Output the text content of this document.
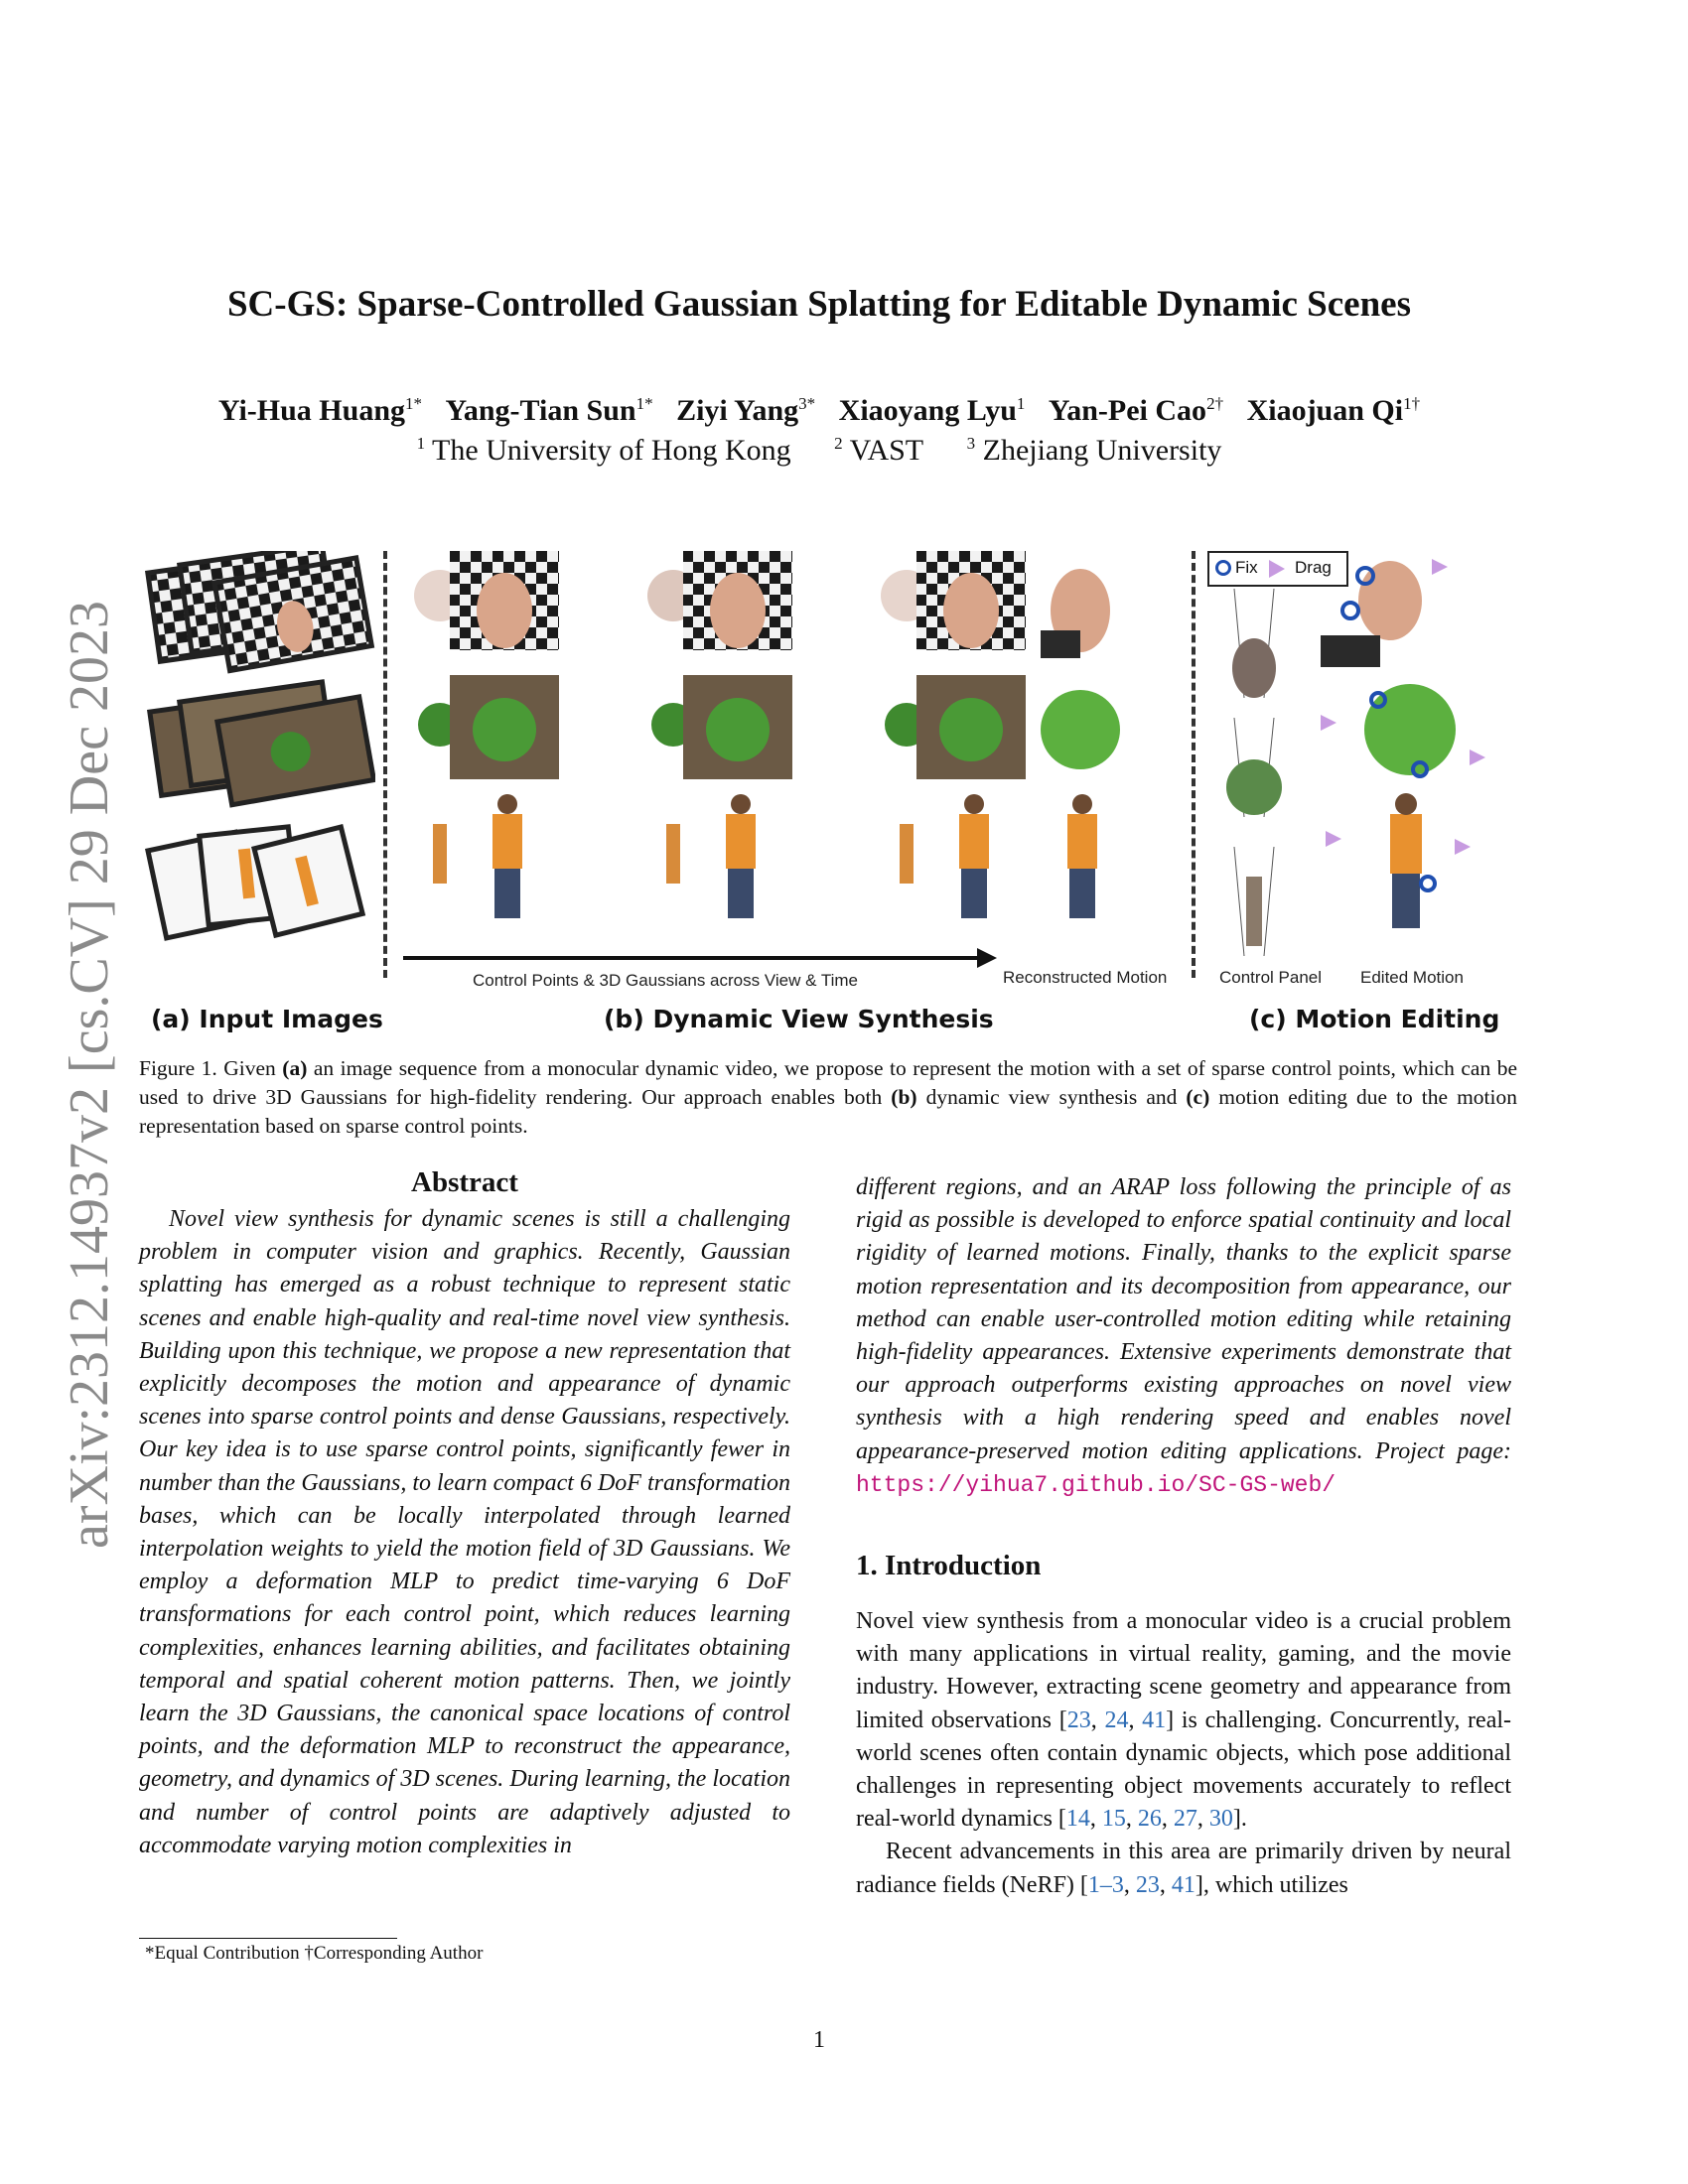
arXiv:2312.14937v2 [cs.CV] 29 Dec 2023
SC-GS: Sparse-Controlled Gaussian Splatting for Editable Dynamic Scenes
Yi-Hua Huang$^{1*}$ Yang-Tian Sun$^{1*}$ Ziyi Yang$^{3*}$ Xiaoyang Lyu$^1$ Yan-Pei Cao$^{2\dagger}$ Xiaojuan $Qi^{1\dagger}$
$^1$ The University of Hong Kong	$^2$ VAST	$^3$ Zhejiang University
Control Points & 3D Gaussians across View & Time	Reconstructed Motion
Fix Drag
Control Panel Edited Motion
(a) Input Images	(b) Dynamic View Synthesis	(c) Motion Editing
Figure 1. Given (a) an image sequence from a monocular dynamic video, we propose to represent the motion with a set of sparse control points, which can be used to drive 3D Gaussians for high-fidelity rendering. Our approach enables both (b) dynamic view synthesis and (c) motion editing due to the motion representation based on sparse control points.
Abstract

Novel view synthesis for dynamic scenes is still a challenging problem in computer vision and graphics. Recently, Gaussian splatting has emerged as a robust technique to represent static scenes and enable high-quality and real-time novel view synthesis. Building upon this technique, we propose a new representation that explicitly decomposes the motion and appearance of dynamic scenes into sparse control points and dense Gaussians, respectively. Our key idea is to use sparse control points, significantly fewer in number than the Gaussians, to learn compact 6 DoF transformation bases, which can be locally interpolated through learned interpolation weights to yield the motion field of 3D Gaussians. We employ a deformation MLP to predict time-varying 6 DoF transformations for each control point, which reduces learning complexities, enhances learning abilities, and facilitates obtaining temporal and spatial coherent motion patterns. Then, we jointly learn the 3D Gaussians, the canonical space locations of control points, and the deformation MLP to reconstruct the appearance, geometry, and dynamics of 3D scenes. During learning, the location and number of control points are adaptively adjusted to accommodate varying motion complexities in

different regions, and an ARAP loss following the principle of as rigid as possible is developed to enforce spatial continuity and local rigidity of learned motions. Finally, thanks to the explicit sparse motion representation and its decomposition from appearance, our method can enable user-controlled motion editing while retaining high-fidelity appearances. Extensive experiments demonstrate that our approach outperforms existing approaches on novel view synthesis with a high rendering speed and enables novel appearance-preserved motion editing applications. Project page: https://yihua7.github.io/SC-GS-web/

1. Introduction

Novel view synthesis from a monocular video is a crucial problem with many applications in virtual reality, gaming, and the movie industry. However, extracting scene geometry and appearance from limited observations [23, 24, 41] is challenging. Concurrently, real-world scenes often contain dynamic objects, which pose additional challenges in representing object movements accurately to reflect real-world dynamics [14, 15, 26, 27, 30].

Recent advancements in this area are primarily driven by neural radiance fields (NeRF) [1–3, 23, 41], which utilizes

*Equal Contribution †Corresponding Author
1
